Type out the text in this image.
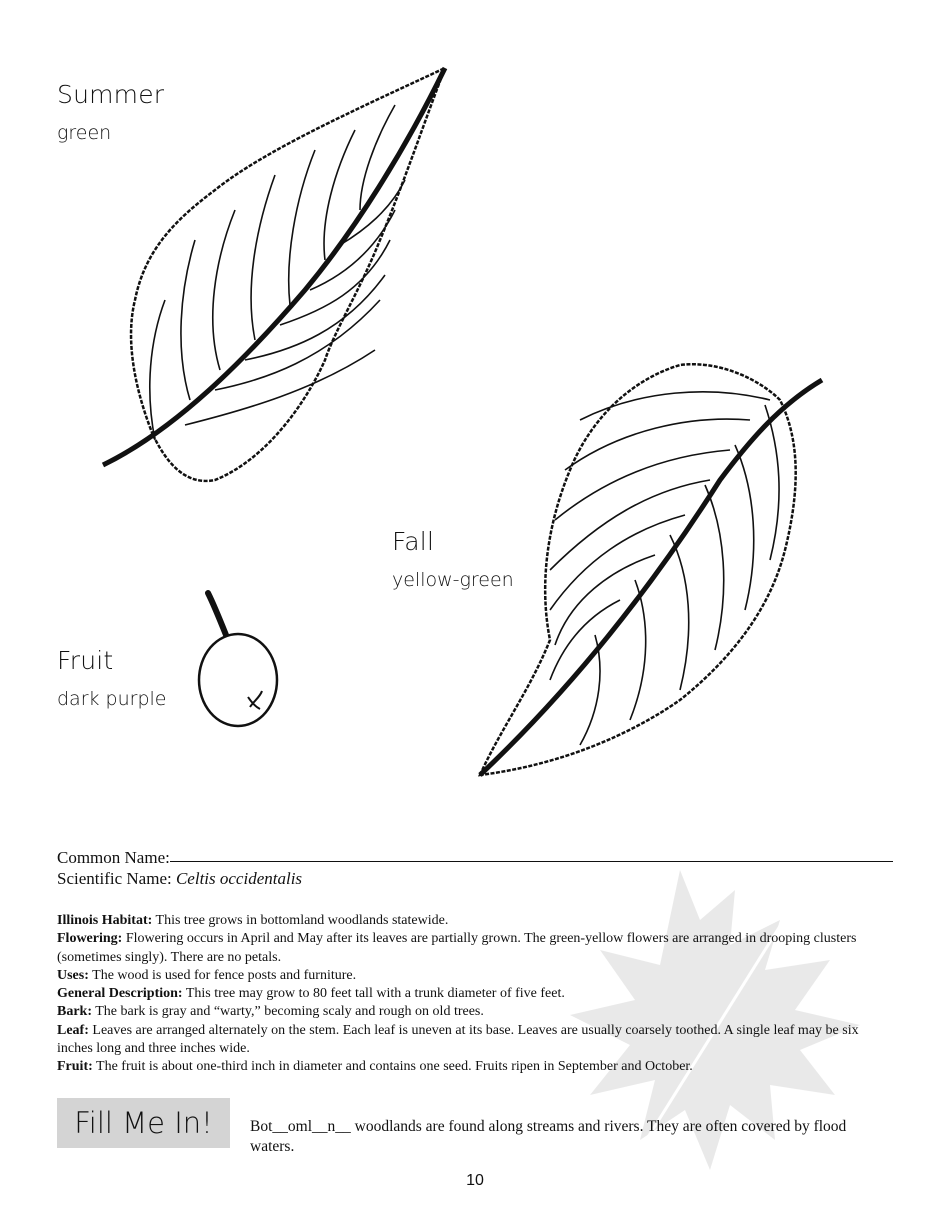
Summer
green
Fall
yellow-green
Fruit
dark purple
Common Name:
Scientific Name: Celtis occidentalis

Illinois Habitat: This tree grows in bottomland woodlands statewide.

Flowering: Flowering occurs in April and May after its leaves are partially grown. The green-yellow flowers are arranged in drooping clusters (sometimes singly). There are no petals.

Uses: The wood is used for fence posts and furniture.

General Description: This tree may grow to 80 feet tall with a trunk diameter of five feet.

Bark: The bark is gray and “warty,” becoming scaly and rough on old trees.

Leaf: Leaves are arranged alternately on the stem. Each leaf is uneven at its base. Leaves are usually coarsely toothed. A single leaf may be six inches long and three inches wide.

Fruit: The fruit is about one-third inch in diameter and contains one seed. Fruits ripen in September and October.

Fill Me In!	Bot__oml__n__ woodlands are found along streams and rivers. They are often covered by flood waters.
10
